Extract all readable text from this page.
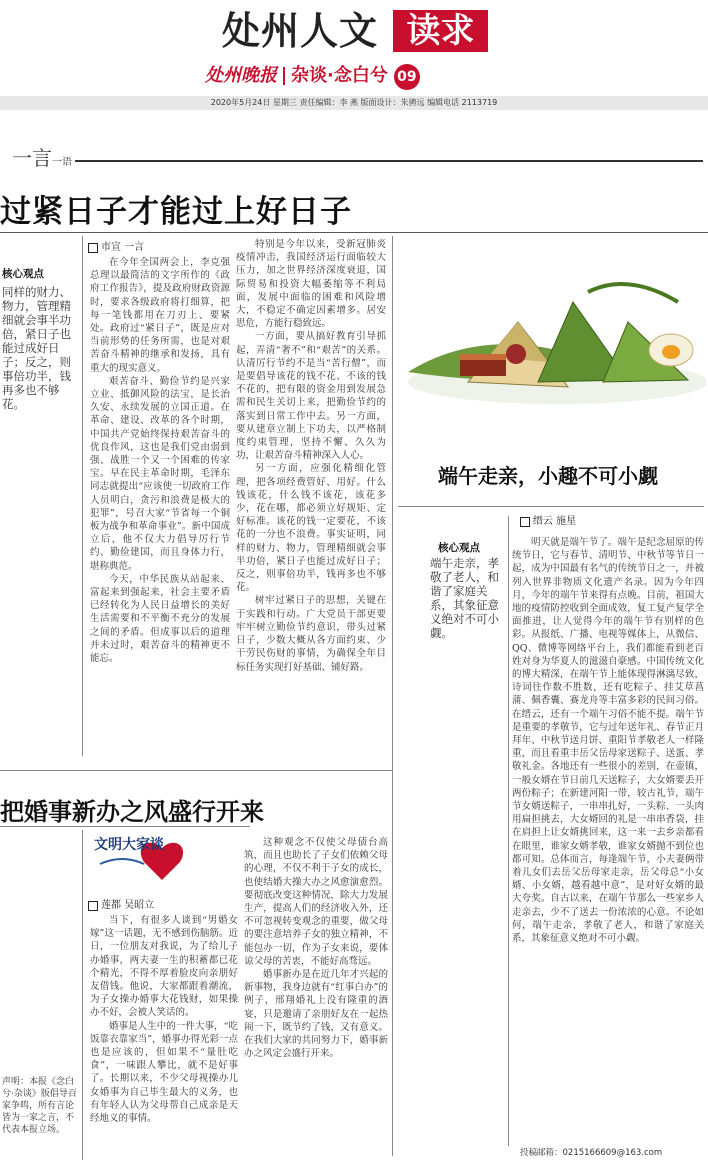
处州人文 读求
处州晚报 杂谈·念白兮 09
2020年5月24日 星期三 责任编辑：李 燕 版面设计：朱骋远 编辑电话 2113719
一言一语
过紧日子才能过上好日子
市宣 一言
核心观点
同样的财力、物力，管理精细就会事半功倍，紧日子也能过成好日子；反之，则事倍功半，钱再多也不够花。

在今年全国两会上，李克强总理以最简洁的文字所作的《政府工作报告》，提及政府财政资源时，要求各级政府将打细算，把每一笔钱都用在刀刃上、要紧处。政府过“紧日子”，既是应对当前形势的任务所需，也是对艰苦奋斗精神的继承和发扬，具有重大的现实意义。

艰苦奋斗、勤俭节约是兴家立业、抵御风险的法宝，是长治久安、永续发展的立国正道。在革命、建设、改革的各个时期，中国共产党始终保持艰苦奋斗的优良作风，这也是我们党由弱到强、战胜一个又一个困难的传家宝。早在民主革命时期，毛泽东同志就提出“应该使一切政府工作人员明白，贪污和浪费是极大的犯罪”，号召大家“节省每一个铜板为战争和革命事业”。新中国成立后，他不仅大力倡导厉行节约、勤俭建国，而且身体力行，堪称典范。

今天，中华民族从站起来、富起来到强起来，社会主要矛盾已经转化为人民日益增长的美好生活需要和不平衡不充分的发展之间的矛盾。但成事以后的道理并未过时，艰苦奋斗的精神更不能忘。

特别是今年以来，受新冠肺炎疫情冲击，我国经济运行面临较大压力，加之世界经济深度衰退，国际贸易和投资大幅萎缩等不利局面，发展中面临的困难和风险增大，不稳定不确定因素增多。居安思危，方能行稳致远。

一方面，要从搞好教育引导抓起，弄清“奢不”和“艰苦”的关系。认清厉行节约不是当“苦行僧”，而是要倡导该花的钱不花、不该的钱不花的，把有限的资金用到发展急需和民生关切上来，把勤俭节约的落实到日常工作中去。另一方面，要从建章立制上下功夫，以严格制度约束管理，坚持不懈、久久为功，让艰苦奋斗精神深入人心。

另一方面，应强化精细化管理，把各项经费管好、用好。什么钱该花，什么钱不该花，该花多少，花在哪，都必须立好规矩、定好标准。该花的钱一定要花，不该花的一分也不浪费。事实证明，同样的财力、物力，管理精细就会事半功倍，紧日子也能过成好日子；反之，则事倍功半，钱再多也不够花。

树牢过紧日子的思想，关键在于实践和行动。广大党员干部更要牢牢树立勤俭节约意识，带头过紧日子，少数大概从各方面约束、少干劳民伤财的事情，为确保全年目标任务实现打好基础、铺好路。

端午走亲，小趣不可小觑
缙云 施星
核心观点
端午走亲，孝敬了老人，和谐了家庭关系，其象征意义绝对不可小觑。

明天就是端午节了。端午是纪念屈原的传统节日，它与春节、清明节、中秋节等节日一起，成为中国最有名气的传统节日之一，并被列入世界非物质文化遗产名录。因为今年四月，今年的端午节来得有点晚。目前，祖国大地的疫情防控收到全面成效，复工复产复学全面推进，让人觉得今年的端午节有别样的色彩。从报纸、广播、电视等媒体上，从微信、QQ、微博等网络平台上，我们都能看到老百姓对身为华夏人的滋滋自豪感。中国传统文化的博大精深，在端午节上能体现得淋漓尽致，诗词往作数不胜数，还有吃粽子、挂艾草菖蒲、佩香囊、赛龙舟等丰富多彩的民间习俗。在缙云，还有一个端午习俗不能不提。端午节是重要的孝敬节，它与过年送年礼、春节正月拜年、中秋节送月饼、重阳节孝敬老人一样隆重，而且看重丰岳父岳母家送粽子、送蛋、孝敬礼金。各地还有一些很小的差别，在壶镇，一般女婿在节日前几天送粽子，大女婿要丢开两份粽子；在新建河阳一带，较古礼节，端午节女婿送粽子，一串串扎好，一头粽、一头肉用扁担挑去，大女婿回的礼是一串串香袋，挂在肩担上让女婿挑回来，这一来一去乡亲都看在眼里，谁家女婿孝敬，谁家女婿抛不到位也都可知。总体而言，每逢端午节，小夫妻俩带着儿女们去岳父岳母家走亲，岳父母总“小女婿、小女婿，越看越中意”，是对好女婿的最大夸奖。自古以来，在端午节那么一些家乡人走亲去，少不了送去一份浓浓的心意。不论如何，端午走亲，孝敬了老人，和谐了家庭关系，其象征意义绝对不可小觑。

把婚事新办之风盛行开来
文明大家谈
莲都 吴昭立
声明：本报《念白兮·杂谈》版倡导百家争鸣，所有言论皆为一家之言，不代表本报立场。

当下，有很多人谈到“男婚女嫁”这一话题，无不感到伤脑筋。近日，一位朋友对我说，为了给儿子办婚事，两夫妻一生的积蓄都已花个精光，不得不厚着脸皮向亲朋好友借钱。他说，大家都跟着潮流，为子女操办婚事大花钱财，如果操办不好，会被人笑话的。

婚事是人生中的一件大事，“吃饭靠衣靠家当”，婚事办得光彩一点也是应该的，但如果不“量肚吃食”，一味跟人攀比，就不是好事了。长期以来，不少父母视操办儿女婚事为自己毕生最大的义务，也有年轻人认为父母帮自己成亲是天经地义的事情。

这种观念不仅使父母债台高筑，而且也助长了子女们依赖父母的心理，不仅不利于子女的成长，也使结婚大操大办之风愈演愈烈。要彻底改变这种情况，除大力发展生产，提高人们的经济收入外，还不可忽视转变观念的重要，做父母的要注意培养子女的独立精神，不能包办一切，作为子女来说，要体谅父母的苦衷，不能好高骛远。

婚事新办是在近几年才兴起的新事物，我身边就有“红事白办”的例子，邢翔婚礼上没有隆重的酒宴，只是邀请了亲朋好友在一起热闹一下，既节约了钱，又有意义。在我们大家的共同努力下，婚事新办之风定会盛行开来。

投稿邮箱：0215166609@163.com
